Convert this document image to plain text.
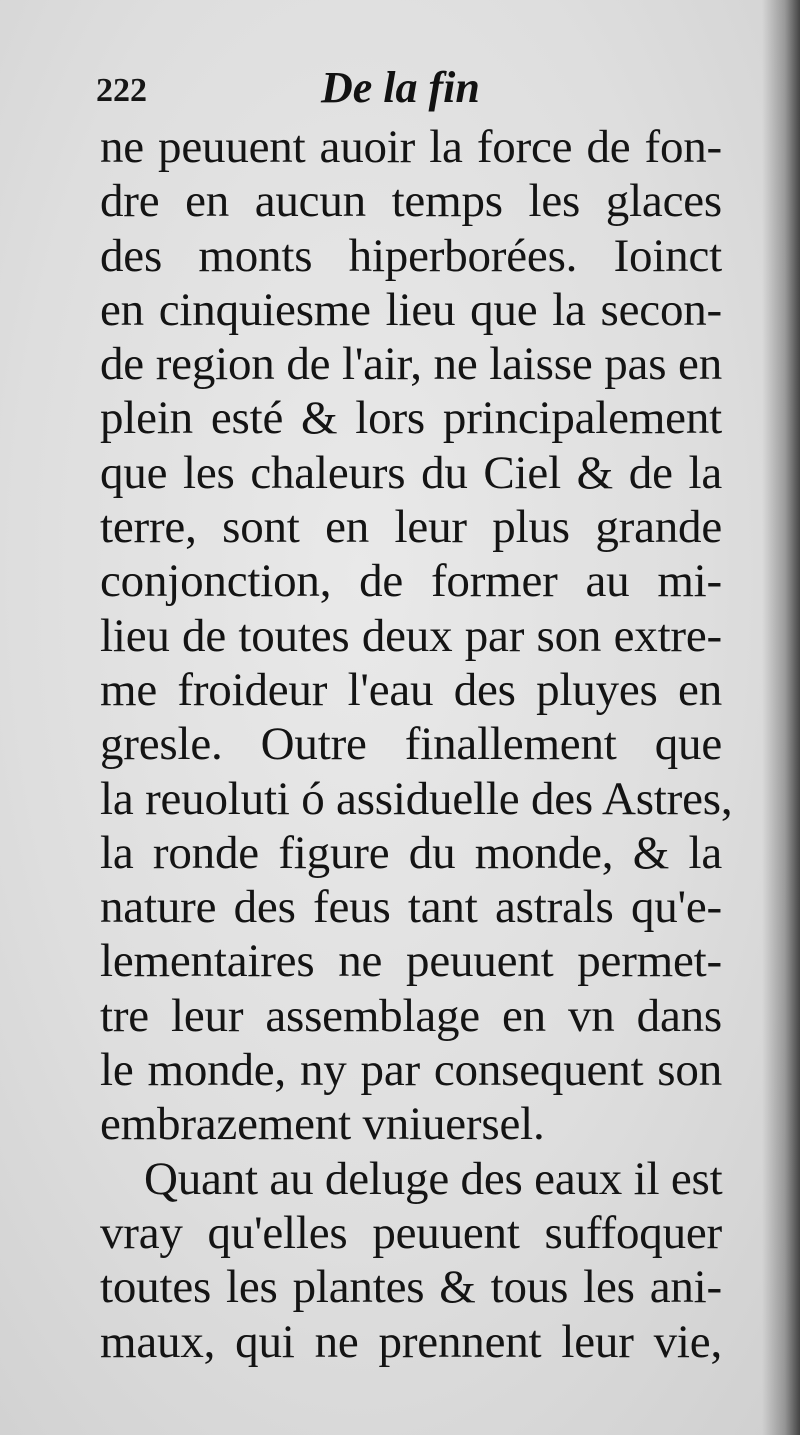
222	De la fin
ne peuuent auoir la force de fon-
dre en aucun temps les glaces
des monts hiperborées. Ioinct
en cinquiesme lieu que la secon-
de region de l'air, ne laisse pas en
plein esté & lors principalement
que les chaleurs du Ciel & de la
terre, sont en leur plus grande
conjonction, de former au mi-
lieu de toutes deux par son extre-
me froideur l'eau des pluyes en
gresle. Outre finallement que
la reuoluti ó assiduelle des Astres,
la ronde figure du monde, & la
nature des feus tant astrals qu'e-
lementaires ne peuuent permet-
tre leur assemblage en vn dans
le monde, ny par consequent son
embrazement vniuersel.
Quant au deluge des eaux il est
vray qu'elles peuuent suffoquer
toutes les plantes & tous les ani-
maux, qui ne prennent leur vie,
